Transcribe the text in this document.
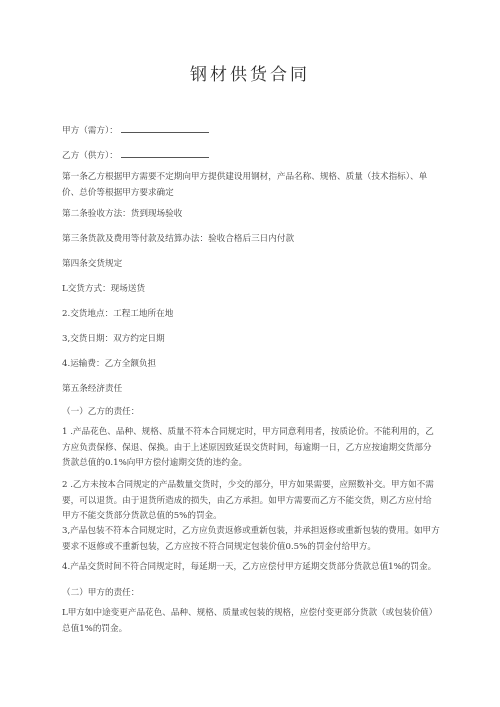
钢材供货合同
甲方（需方）：
乙方（供方）：
第一条乙方根据甲方需要不定期向甲方提供建设用钢材，产品名称、规格、质量（技术指标）、单价、总价等根据甲方要求确定
第二条验收方法：货到现场验收
第三条货款及费用等付款及结算办法：验收合格后三日内付款
第四条交货规定
L交货方式：现场送货
2.交货地点：工程工地所在地
3,交货日期：双方约定日期
4.运输费：乙方全额负担
第五条经济责任
（一）乙方的责任：
1 .产品花色、品种、规格、质量不符本合同规定时，甲方同意利用者，按质论价。不能利用的，乙方应负责保修、保退、保换。由于上述原因致延误交货时间，每逾期一日，乙方应按逾期交货部分货款总值的0.1%向甲方偿付逾期交货的违约金。
2 .乙方未按本合同规定的产品数量交货时，少交的部分，甲方如果需要，应照数补交。甲方如不需要，可以退货。由于退货所造成的损失，由乙方承担。如甲方需要而乙方不能交货，则乙方应付给甲方不能交货部分货款总值的5%的罚金。
3,产品包装不符本合同规定时，乙方应负责返修或重新包装，并承担返修或重新包装的费用。如甲方要求不返修或不重新包装，乙方应按不符合同规定包装价值0.5%的罚金付给甲方。
4.产品交货时间不符合同规定时，每延期一天，乙方应偿付甲方延期交货部分货款总值1%的罚金。
（二）甲方的责任：
L甲方如中途变更产品花色、品种、规格、质量或包装的规格，应偿付变更部分货款（或包装价值）总值1%的罚金。
